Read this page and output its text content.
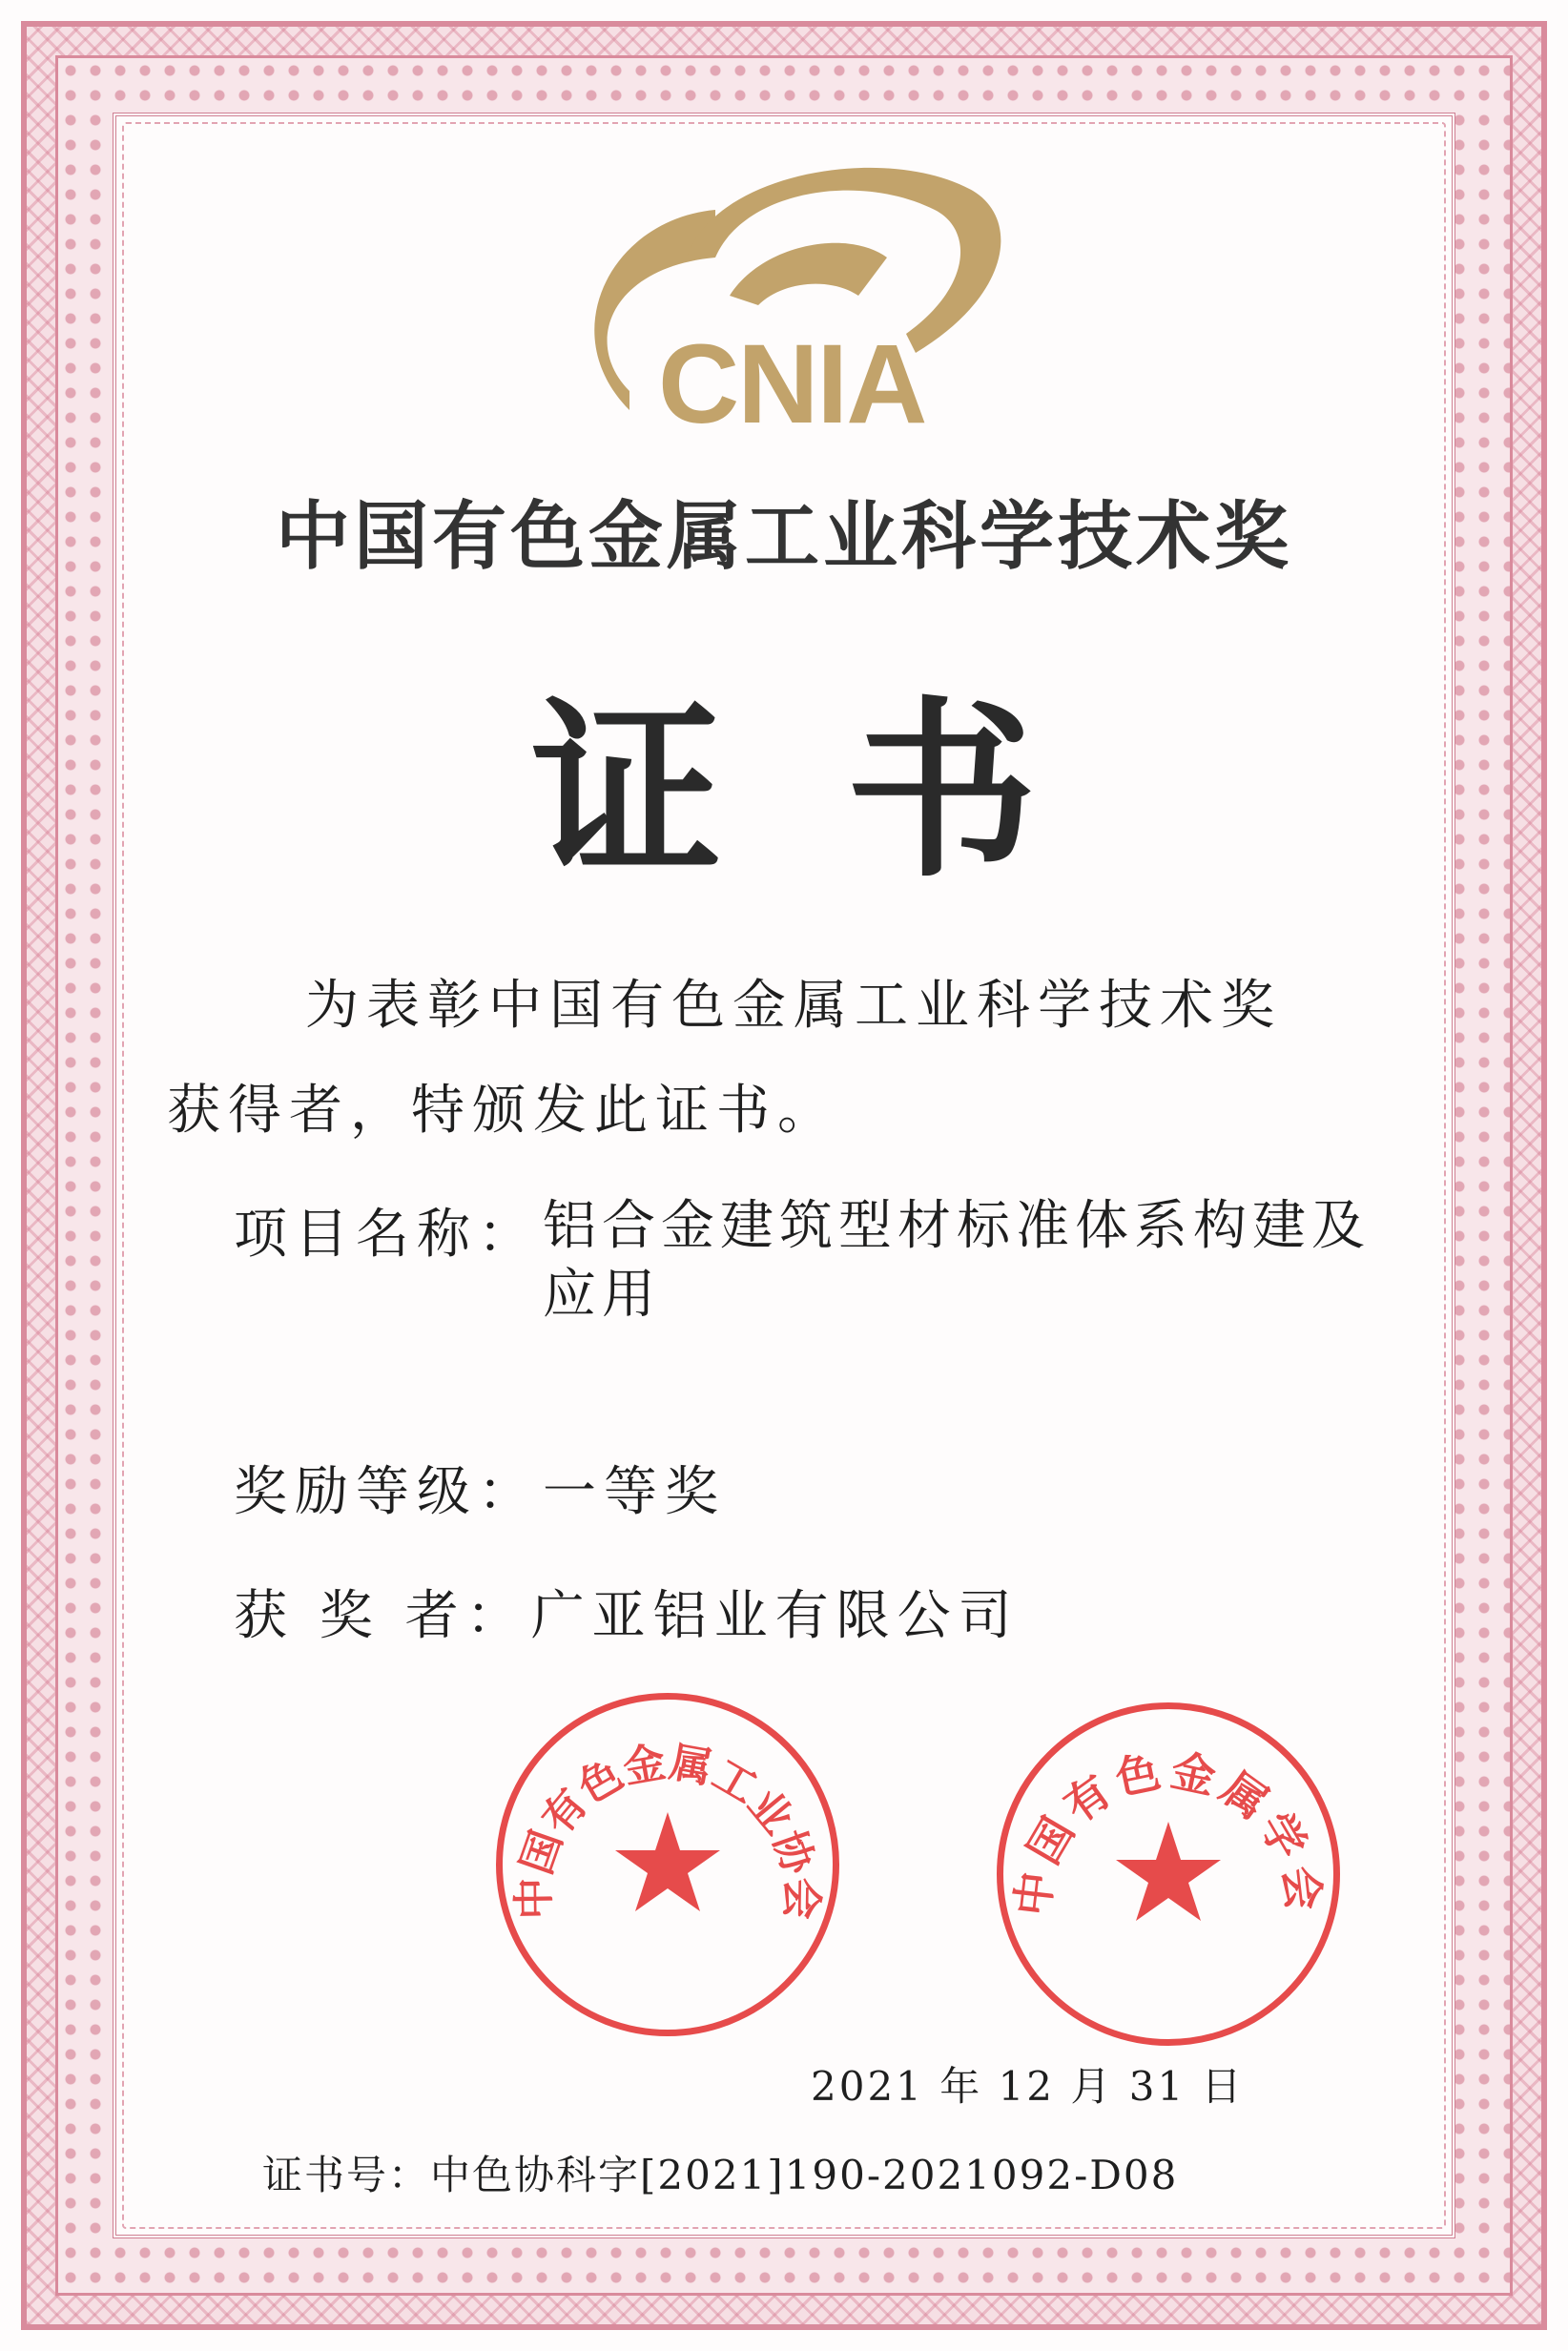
CNIA
中国有色金属工业科学技术奖
证书
为表彰中国有色金属工业科学技术奖
获得者，特颁发此证书。
项目名称： 铝合金建筑型材标准体系构建及应用
奖励等级： 一等奖
获 奖 者： 广亚铝业有限公司
中国有色金属工业协会	中国有色金属学会
2021 年 12 月 31 日
证书号：中色协科字[2021]190-2021092-D08
